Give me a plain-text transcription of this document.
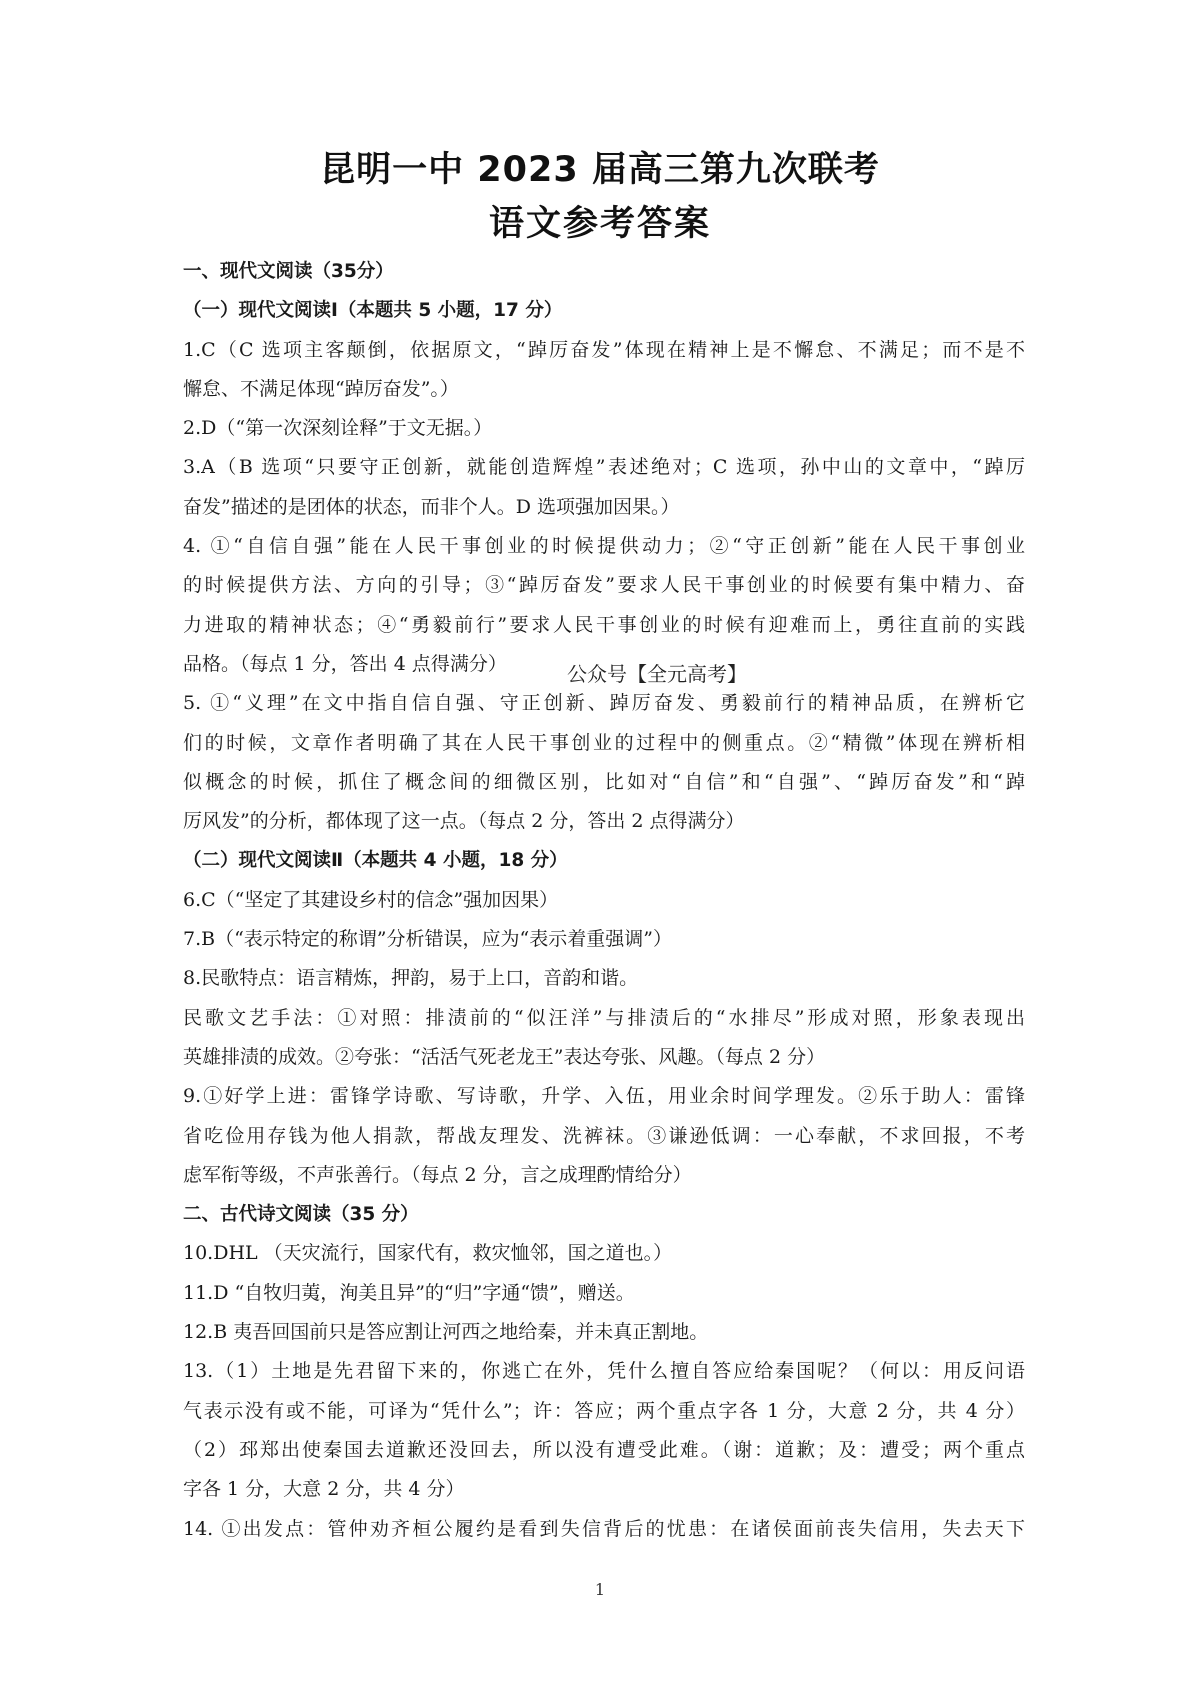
昆明一中 2023 届高三第九次联考
语文参考答案
一、现代文阅读（35分）
（一）现代文阅读Ⅰ（本题共 5 小题，17 分）
1.C（C 选项主客颠倒，依据原文，“踔厉奋发”体现在精神上是不懈怠、不满足；而不是不
懈怠、不满足体现“踔厉奋发”。）
2.D（“第一次深刻诠释”于文无据。）
3.A（B 选项“只要守正创新，就能创造辉煌”表述绝对；C 选项，孙中山的文章中，“踔厉
奋发”描述的是团体的状态，而非个人。D 选项强加因果。）
4. ①“自信自强”能在人民干事创业的时候提供动力；②“守正创新”能在人民干事创业
的时候提供方法、方向的引导；③“踔厉奋发”要求人民干事创业的时候要有集中精力、奋
力进取的精神状态；④“勇毅前行”要求人民干事创业的时候有迎难而上，勇往直前的实践
品格。（每点 1 分，答出 4 点得满分）
5. ①“义理”在文中指自信自强、守正创新、踔厉奋发、勇毅前行的精神品质，在辨析它
们的时候，文章作者明确了其在人民干事创业的过程中的侧重点。②“精微”体现在辨析相
似概念的时候，抓住了概念间的细微区别，比如对“自信”和“自强”、“踔厉奋发”和“踔
厉风发”的分析，都体现了这一点。（每点 2 分，答出 2 点得满分）
（二）现代文阅读Ⅱ（本题共 4 小题，18 分）
6.C（“坚定了其建设乡村的信念”强加因果）
7.B（“表示特定的称谓”分析错误，应为“表示着重强调”）
8.民歌特点：语言精炼，押韵，易于上口，音韵和谐。
民歌文艺手法：①对照：排渍前的“似汪洋”与排渍后的“水排尽”形成对照，形象表现出
英雄排渍的成效。②夸张：“活活气死老龙王”表达夸张、风趣。（每点 2 分）
9.①好学上进：雷锋学诗歌、写诗歌，升学、入伍，用业余时间学理发。②乐于助人：雷锋
省吃俭用存钱为他人捐款，帮战友理发、洗裤袜。③谦逊低调：一心奉献，不求回报，不考
虑军衔等级，不声张善行。（每点 2 分，言之成理酌情给分）
二、古代诗文阅读（35 分）
10.DHL （天灾流行，国家代有，救灾恤邻，国之道也。）
11.D “自牧归荑，洵美且异”的“归”字通“馈”，赠送。
12.B 夷吾回国前只是答应割让河西之地给秦，并未真正割地。
13.（1）土地是先君留下来的，你逃亡在外，凭什么擅自答应给秦国呢？（何以：用反问语
气表示没有或不能，可译为“凭什么”；许：答应；两个重点字各 1 分，大意 2 分，共 4 分）
（2）邳郑出使秦国去道歉还没回去，所以没有遭受此难。（谢：道歉；及：遭受；两个重点
字各 1 分，大意 2 分，共 4 分）
14. ①出发点：管仲劝齐桓公履约是看到失信背后的忧患：在诸侯面前丧失信用，失去天下
公众号【全元高考】
1
